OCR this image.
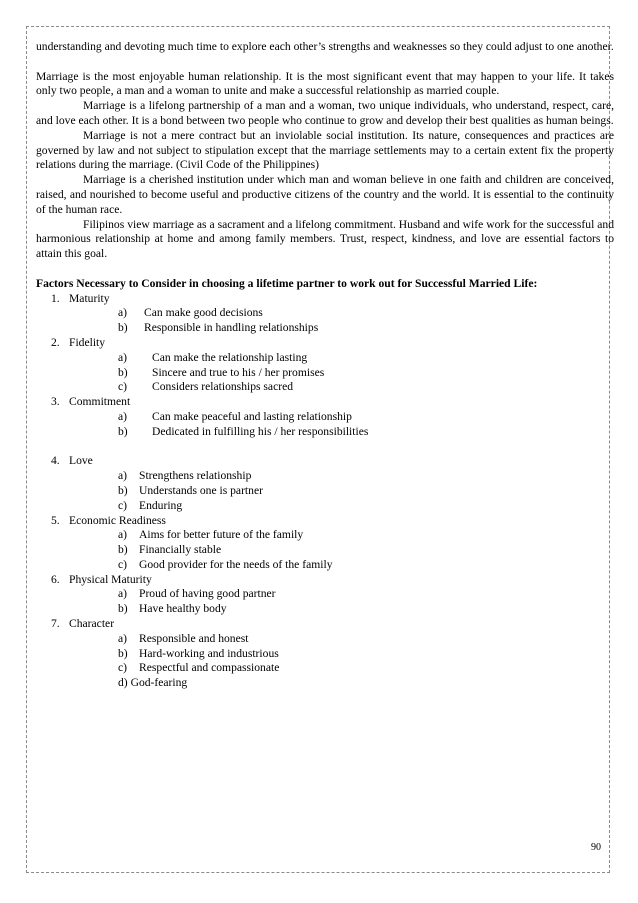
understanding and devoting much time to explore each other’s strengths and weaknesses so they could adjust to one another.

Marriage is the most enjoyable human relationship. It is the most significant event that may happen to your life. It takes only two people, a man and a woman to unite and make a successful relationship as married couple.

Marriage is a lifelong partnership of a man and a woman, two unique individuals, who understand, respect, care, and love each other. It is a bond between two people who continue to grow and develop their best qualities as human beings.

Marriage is not a mere contract but an inviolable social institution. Its nature, consequences and practices are governed by law and not subject to stipulation except that the marriage settlements may to a certain extent fix the property relations during the marriage. (Civil Code of the Philippines)

Marriage is a cherished institution under which man and woman believe in one faith and children are conceived, raised, and nourished to become useful and productive citizens of the country and the world. It is essential to the continuity of the human race.

Filipinos view marriage as a sacrament and a lifelong commitment. Husband and wife work for the successful and harmonious relationship at home and among family members. Trust, respect, kindness, and love are essential factors to attain this goal.

Factors Necessary to Consider in choosing a lifetime partner to work out for Successful Married Life:

1. Maturity
a) Can make good decisions
b) Responsible in handling relationships
2. Fidelity
a) Can make the relationship lasting
b) Sincere and true to his / her promises
c) Considers relationships sacred
3. Commitment
a) Can make peaceful and lasting relationship
b) Dedicated in fulfilling his / her responsibilities
4. Love
a) Strengthens relationship
b) Understands one is partner
c) Enduring
5. Economic Readiness
a) Aims for better future of the family
b) Financially stable
c) Good provider for the needs of the family
6. Physical Maturity
a) Proud of having good partner
b) Have healthy body
7. Character
a) Responsible and honest
b) Hard-working and industrious
c) Respectful and compassionate
d) God-fearing
90
